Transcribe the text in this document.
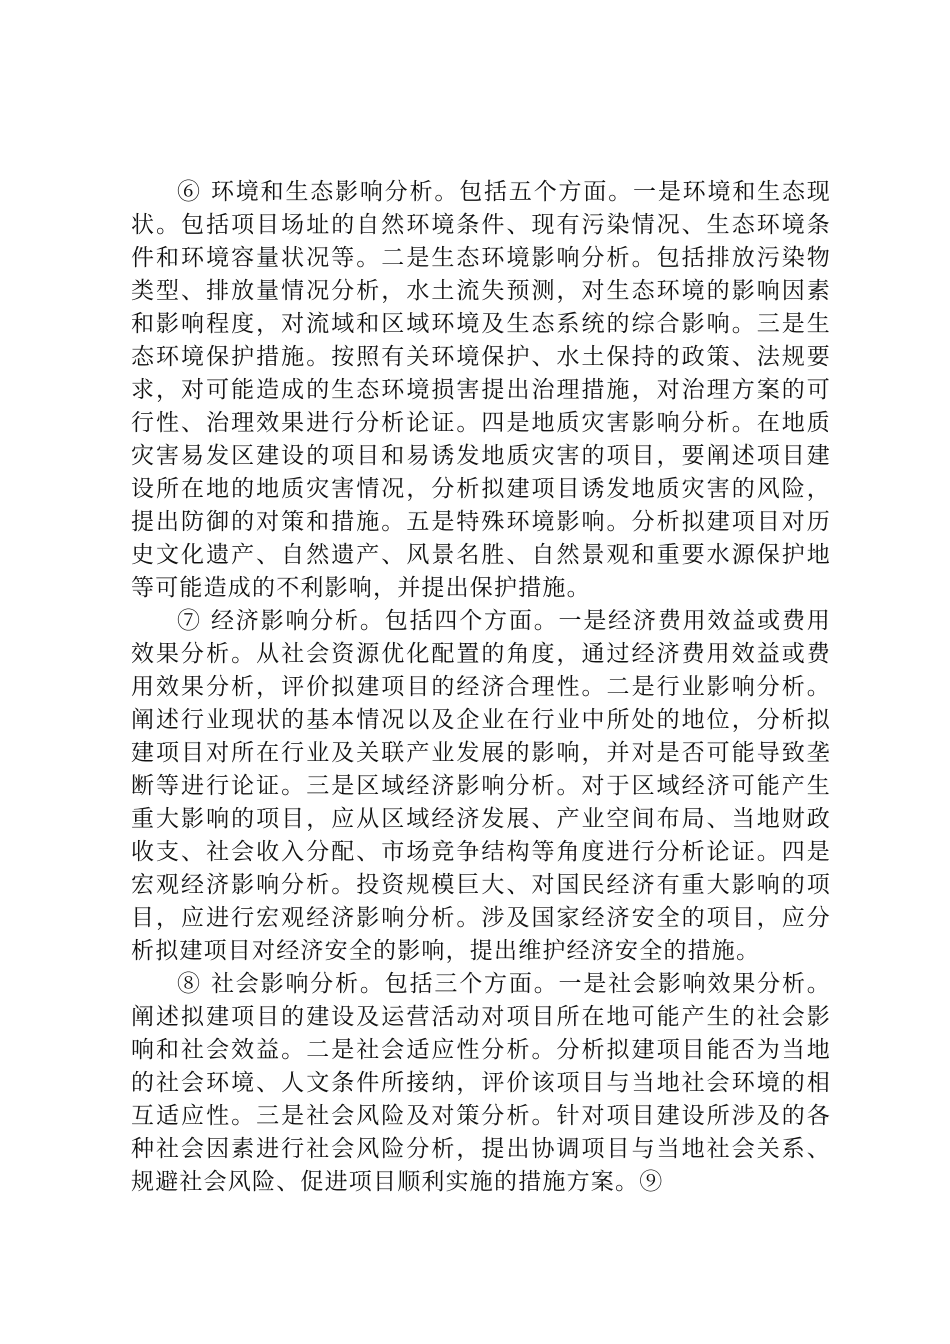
⑥ 环境和生态影响分析。包括五个方面。一是环境和生态现状。包括项目场址的自然环境条件、现有污染情况、生态环境条件和环境容量状况等。二是生态环境影响分析。包括排放污染物类型、排放量情况分析，水土流失预测，对生态环境的影响因素和影响程度，对流域和区域环境及生态系统的综合影响。三是生态环境保护措施。按照有关环境保护、水土保持的政策、法规要求，对可能造成的生态环境损害提出治理措施，对治理方案的可行性、治理效果进行分析论证。四是地质灾害影响分析。在地质灾害易发区建设的项目和易诱发地质灾害的项目，要阐述项目建设所在地的地质灾害情况，分析拟建项目诱发地质灾害的风险，提出防御的对策和措施。五是特殊环境影响。分析拟建项目对历史文化遗产、自然遗产、风景名胜、自然景观和重要水源保护地等可能造成的不利影响，并提出保护措施。

⑦ 经济影响分析。包括四个方面。一是经济费用效益或费用效果分析。从社会资源优化配置的角度，通过经济费用效益或费用效果分析，评价拟建项目的经济合理性。二是行业影响分析。阐述行业现状的基本情况以及企业在行业中所处的地位，分析拟建项目对所在行业及关联产业发展的影响，并对是否可能导致垄断等进行论证。三是区域经济影响分析。对于区域经济可能产生重大影响的项目，应从区域经济发展、产业空间布局、当地财政收支、社会收入分配、市场竞争结构等角度进行分析论证。四是宏观经济影响分析。投资规模巨大、对国民经济有重大影响的项目，应进行宏观经济影响分析。涉及国家经济安全的项目，应分析拟建项目对经济安全的影响，提出维护经济安全的措施。

⑧ 社会影响分析。包括三个方面。一是社会影响效果分析。阐述拟建项目的建设及运营活动对项目所在地可能产生的社会影响和社会效益。二是社会适应性分析。分析拟建项目能否为当地的社会环境、人文条件所接纳，评价该项目与当地社会环境的相互适应性。三是社会风险及对策分析。针对项目建设所涉及的各种社会因素进行社会风险分析，提出协调项目与当地社会关系、规避社会风险、促进项目顺利实施的措施方案。⑨
